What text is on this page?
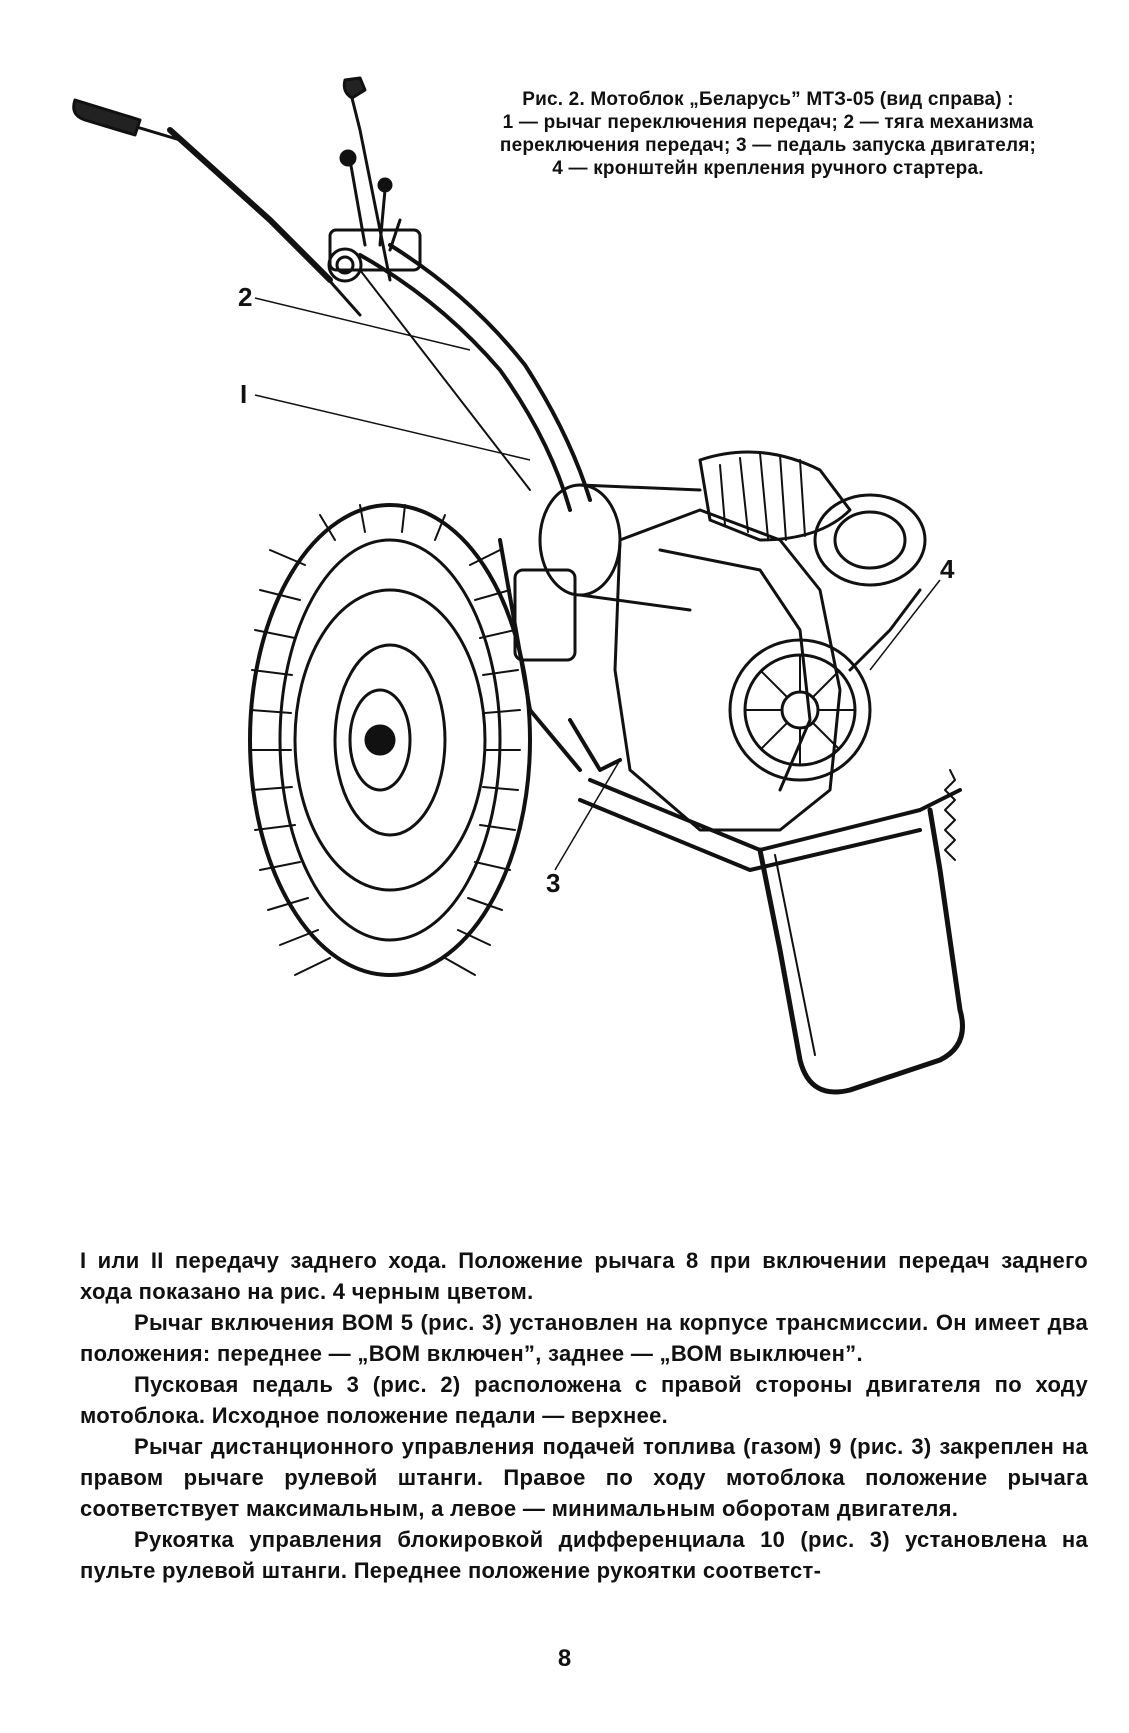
2
I
4
3
Рис. 2. Мотоблок „Беларусь” МТЗ-05 (вид справа) :
1 — рычаг переключения передач; 2 — тяга механизма
переключения передач; 3 — педаль запуска двигателя;
4 — кронштейн крепления ручного стартера.

I или II передачу заднего хода. Положение рычага 8 при включении передач заднего хода показано на рис. 4 черным цветом.

Рычаг включения ВОМ 5 (рис. 3) установлен на корпусе трансмиссии. Он имеет два положения: переднее — „ВОМ включен”, заднее — „ВОМ выключен”.

Пусковая педаль 3 (рис. 2) расположена с правой стороны двигателя по ходу мотоблока. Исходное положение педали — верхнее.

Рычаг дистанционного управления подачей топлива (газом) 9 (рис. 3) закреплен на правом рычаге рулевой штанги. Правое по ходу мотоблока положение рычага соответствует максимальным, а левое — минимальным оборотам двигателя.

Рукоятка управления блокировкой дифференциала 10 (рис. 3) установлена на пульте рулевой штанги. Переднее положение рукоятки соответст-

8
